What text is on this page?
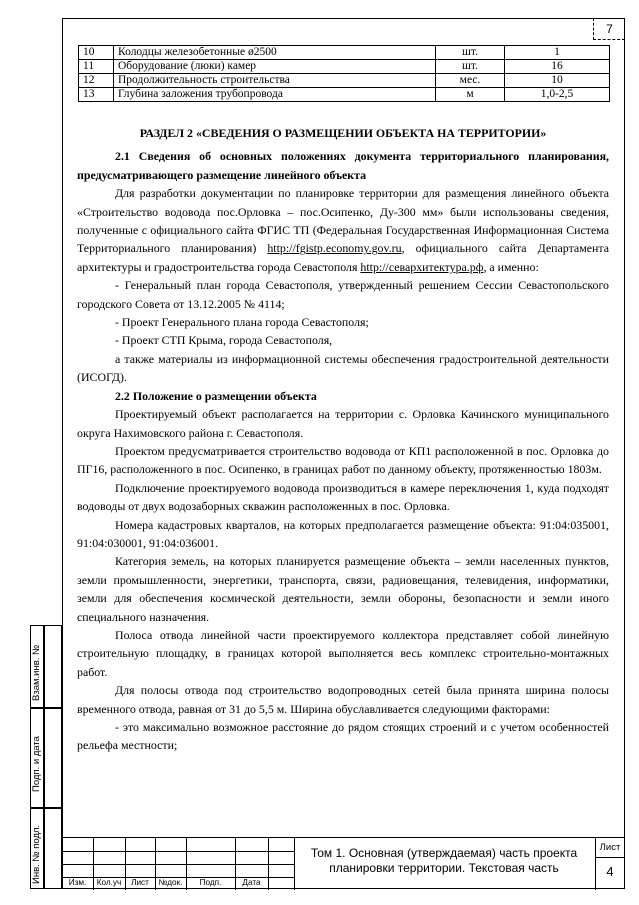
7
10	Колодцы железобетонные ø2500	шт.	1
11	Оборудование (люки) камер	шт.	16
12	Продолжительность строительства	мес.	10
13	Глубина заложения трубопровода	м	1,0-2,5

РАЗДЕЛ 2 «СВЕДЕНИЯ О РАЗМЕЩЕНИИ ОБЪЕКТА НА ТЕРРИТОРИИ»

2.1 Сведения об основных положениях документа территориального планирования, предусматривающего размещение линейного объекта

Для разработки документации по планировке территории для размещения линейного объекта «Строительство водовода пос.Орловка – пос.Осипенко, Ду-300 мм» были использованы сведения, полученные с официального сайта ФГИС ТП (Федеральная Государственная Информационная Система Территориального планирования) http://fgistp.economy.gov.ru, официального сайта Департамента архитектуры и градостроительства города Севастополя http://севархитектура.рф, а именно:

- Генеральный план города Севастополя, утвержденный решением Сессии Севастопольского городского Совета от 13.12.2005 № 4114;

- Проект Генерального плана города Севастополя;

- Проект СТП Крыма, города Севастополя,

а также материалы из информационной системы обеспечения градостроительной деятельности (ИСОГД).

2.2 Положение о размещении объекта

Проектируемый объект располагается на территории с. Орловка Качинского муниципального округа Нахимовского района г. Севастополя.

Проектом предусматривается строительство водовода от КП1 расположенной в пос. Орловка до ПГ16, расположенного в пос. Осипенко, в границах работ по данному объекту, протяженностью 1803м.

Подключение проектируемого водовода производиться в камере переключения 1, куда подходят водоводы от двух водозаборных скважин расположенных в пос. Орловка.

Номера кадастровых кварталов, на которых предполагается размещение объекта: 91:04:035001, 91:04:030001, 91:04:036001.

Категория земель, на которых планируется размещение объекта – земли населенных пунктов, земли промышленности, энергетики, транспорта, связи, радиовещания, телевидения, информатики, земли для обеспечения космической деятельности, земли обороны, безопасности и земли иного специального назначения.

Полоса отвода линейной части проектируемого коллектора представляет собой линейную строительную площадку, в границах которой выполняется весь комплекс строительно-монтажных работ.

Для полосы отвода под строительство водопроводных сетей была принята ширина полосы временного отвода, равная от 31 до 5,5 м. Ширина обуславливается следующими факторами:

- это максимально возможное расстояние до рядом стоящих строений и с учетом особенностей рельефа местности;

Взам.инв. №
Подп. и дата
Инв. № подл.	Изм.	Кол.уч	Лист	№док.	Подп.	Дата
Том 1. Основная (утверждаемая) часть проекта планировки территории. Текстовая часть
Лист
4
